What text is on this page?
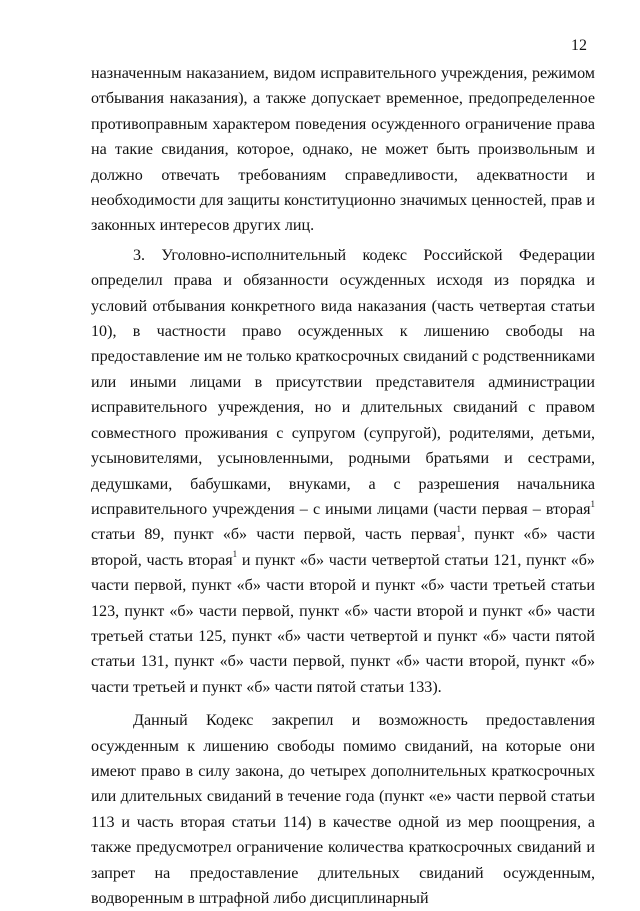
12

назначенным наказанием, видом исправительного учреждения, режимом отбывания наказания), а также допускает временное, предопределенное противоправным характером поведения осужденного ограничение права на такие свидания, которое, однако, не может быть произвольным и должно отвечать требованиям справедливости, адекватности и необходимости для защиты конституционно значимых ценностей, прав и законных интересов других лиц.

3. Уголовно-исполнительный кодекс Российской Федерации определил права и обязанности осужденных исходя из порядка и условий отбывания конкретного вида наказания (часть четвертая статьи 10), в частности право осужденных к лишению свободы на предоставление им не только краткосрочных свиданий с родственниками или иными лицами в присутствии представителя администрации исправительного учреждения, но и длительных свиданий с правом совместного проживания с супругом (супругой), родителями, детьми, усыновителями, усыновленными, родными братьями и сестрами, дедушками, бабушками, внуками, а с разрешения начальника исправительного учреждения – с иными лицами (части первая – вторая$^1$ статьи 89, пункт «б» части первой, часть первая$^1$, пункт «б» части второй, часть вторая$^1$ и пункт «б» части четвертой статьи 121, пункт «б» части первой, пункт «б» части второй и пункт «б» части третьей статьи 123, пункт «б» части первой, пункт «б» части второй и пункт «б» части третьей статьи 125, пункт «б» части четвертой и пункт «б» части пятой статьи 131, пункт «б» части первой, пункт «б» части второй, пункт «б» части третьей и пункт «б» части пятой статьи 133).

Данный Кодекс закрепил и возможность предоставления осужденным к лишению свободы помимо свиданий, на которые они имеют право в силу закона, до четырех дополнительных краткосрочных или длительных свиданий в течение года (пункт «е» части первой статьи 113 и часть вторая статьи 114) в качестве одной из мер поощрения, а также предусмотрел ограничение количества краткосрочных свиданий и запрет на предоставление длительных свиданий осужденным, водворенным в штрафной либо дисциплинарный
